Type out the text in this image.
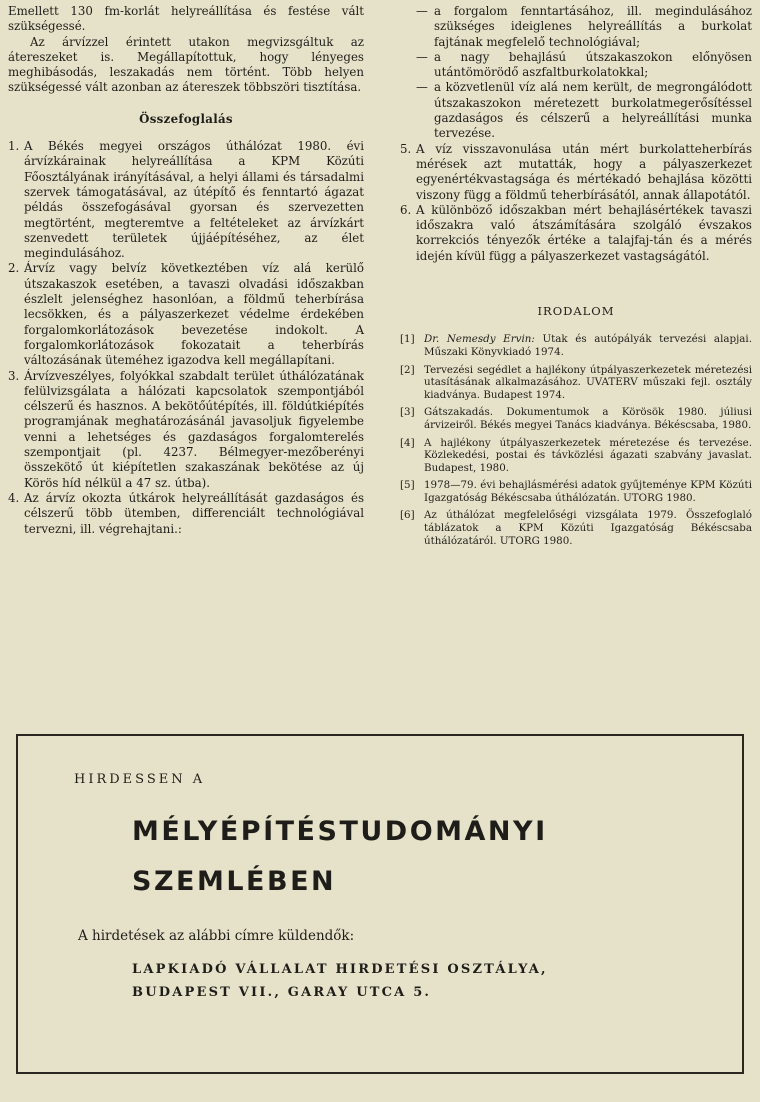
Emellett 130 fm-korlát helyreállítása és festése vált szükségessé.

Az árvízzel érintett utakon megvizsgáltuk az átereszeket is. Megállapítottuk, hogy lényeges meghibásodás, leszakadás nem történt. Több helyen szükségessé vált azonban az átereszek többszöri tisztítása.

Összefoglalás
1. A Békés megyei országos úthálózat 1980. évi árvízkárainak helyreállítása a KPM Közúti Főosztályának irányításával, a helyi állami és társadalmi szervek támogatásával, az útépítő és fenntartó ágazat példás összefogásával gyorsan és szervezetten megtörtént, megteremtve a feltételeket az árvízkárt szenvedett területek újjáépítéséhez, az élet megindulásához.
2. Árvíz vagy belvíz következtében víz alá kerülő útszakaszok esetében, a tavaszi olvadási időszakban észlelt jelenséghez hasonlóan, a földmű teherbírása lecsökken, és a pályaszerkezet védelme érdekében forgalomkorlátozások bevezetése indokolt. A forgalomkorlátozások fokozatait a teherbírás változásának üteméhez igazodva kell megállapítani.
3. Árvízveszélyes, folyókkal szabdalt terület úthálózatának felülvizsgálata a hálózati kapcsolatok szempontjából célszerű és hasznos. A bekötőútépítés, ill. földútkiépítés programjának meghatározásánál javasoljuk figyelembe venni a lehetséges és gazdaságos forgalomterelés szempontjait (pl. 4237. Bélmegyer-mezőberényi összekötő út kiépítetlen szakaszának bekötése az új Körös híd nélkül a 47 sz. útba).
4. Az árvíz okozta útkárok helyreállítását gazdaságos és célszerű több ütemben, differenciált technológiával tervezni, ill. végrehajtani.:
— a forgalom fenntartásához, ill. megindulásához szükséges ideiglenes helyreállítás a burkolat fajtának megfelelő technológiával;
— a nagy behajlású útszakaszokon előnyösen utántömörödő aszfaltburkolatokkal;
— a közvetlenül víz alá nem került, de megrongálódott útszakaszokon méretezett burkolatmegerősítéssel gazdaságos és célszerű a helyreállítási munka tervezése.
5. A víz visszavonulása után mért burkolatteherbírás mérések azt mutatták, hogy a pályaszerkezet egyenértékvastagsága és mértékadó behajlása közötti viszony függ a földmű teherbírásától, annak állapotától.
6. A különböző időszakban mért behajlásértékek tavaszi időszakra való átszámítására szolgáló évszakos korrekciós tényezők értéke a talajfaj-tán és a mérés idején kívül függ a pályaszerkezet vastagságától.
IRODALOM
[1] Dr. Nemesdy Ervin: Utak és autópályák tervezési alapjai. Műszaki Könyvkiadó 1974.
[2] Tervezési segédlet a hajlékony útpályaszerkezetek méretezési utasításának alkalmazásához. UVATERV műszaki fejl. osztály kiadványa. Budapest 1974.
[3] Gátszakadás. Dokumentumok a Körösök 1980. júliusi árvizeiről. Békés megyei Tanács kiadványa. Békéscsaba, 1980.
[4] A hajlékony útpályaszerkezetek méretezése és tervezése. Közlekedési, postai és távközlési ágazati szabvány javaslat. Budapest, 1980.
[5] 1978—79. évi behajlásmérési adatok gyűjteménye KPM Közúti Igazgatóság Békéscsaba úthálózatán. UTORG 1980.
[6] Az úthálózat megfelelőségi vizsgálata 1979. Összefoglaló táblázatok a KPM Közúti Igazgatóság Békéscsaba úthálózatáról. UTORG 1980.
HIRDESSEN A
MÉLYÉPÍTÉSTUDOMÁNYI
SZEMLÉBEN
A hirdetések az alábbi címre küldendők:
LAPKIADÓ VÁLLALAT HIRDETÉSI OSZTÁLYA,
BUDAPEST VII., GARAY UTCA 5.
